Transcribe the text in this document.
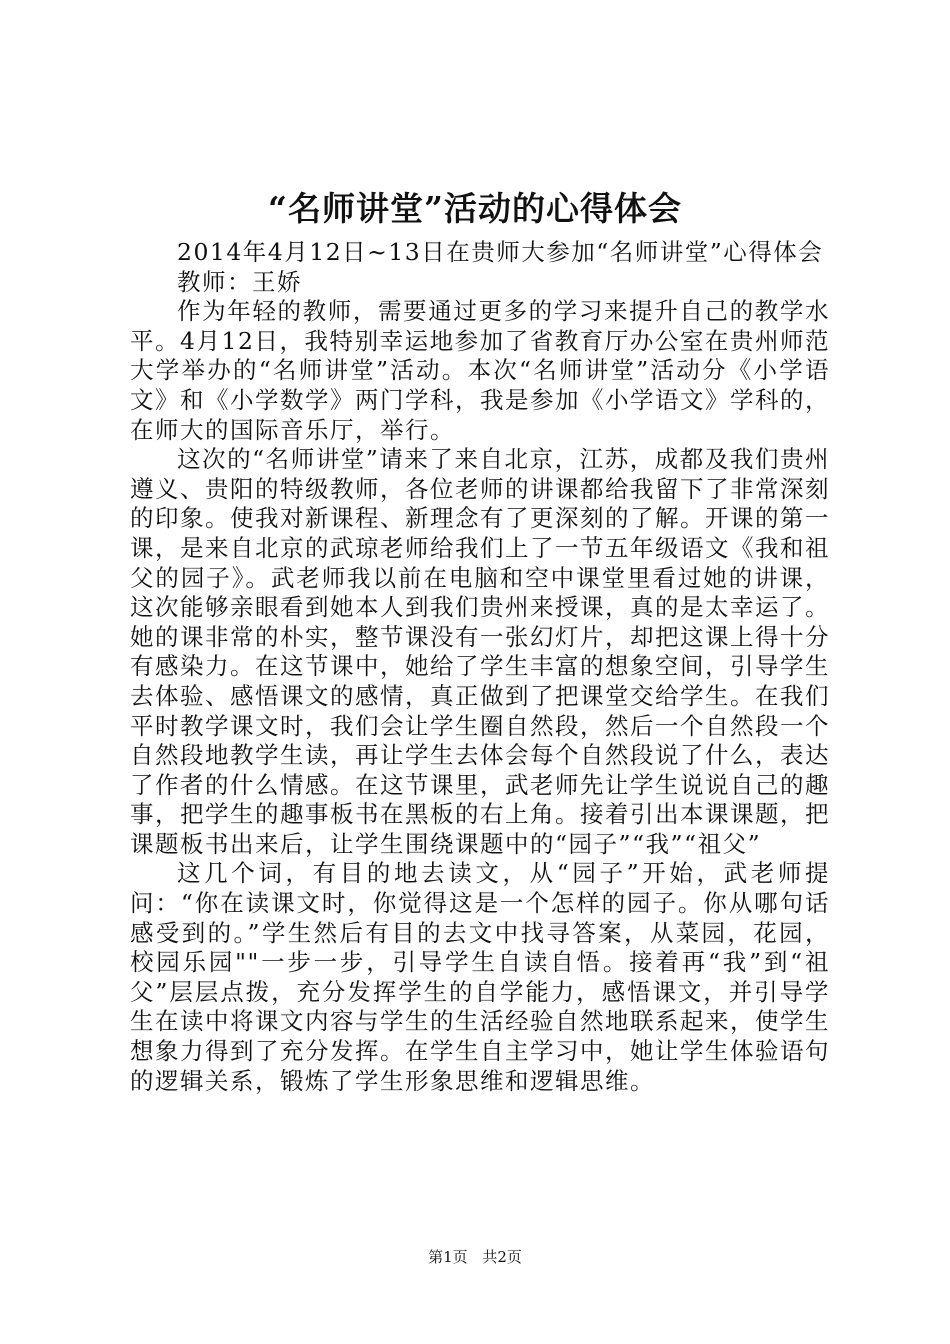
“名师讲堂”活动的心得体会

2014年4月12日~13日在贵师大参加“名师讲堂”心得体会

教师：王娇

作为年轻的教师，需要通过更多的学习来提升自己的教学水平。4月12日，我特别幸运地参加了省教育厅办公室在贵州师范大学举办的“名师讲堂”活动。本次“名师讲堂”活动分《小学语文》和《小学数学》两门学科，我是参加《小学语文》学科的，在师大的国际音乐厅，举行。

这次的“名师讲堂”请来了来自北京，江苏，成都及我们贵州遵义、贵阳的特级教师，各位老师的讲课都给我留下了非常深刻的印象。使我对新课程、新理念有了更深刻的了解。开课的第一课，是来自北京的武琼老师给我们上了一节五年级语文《我和祖父的园子》。武老师我以前在电脑和空中课堂里看过她的讲课，这次能够亲眼看到她本人到我们贵州来授课，真的是太幸运了。她的课非常的朴实，整节课没有一张幻灯片，却把这课上得十分有感染力。在这节课中，她给了学生丰富的想象空间，引导学生去体验、感悟课文的感情，真正做到了把课堂交给学生。在我们平时教学课文时，我们会让学生圈自然段，然后一个自然段一个自然段地教学生读，再让学生去体会每个自然段说了什么，表达了作者的什么情感。在这节课里，武老师先让学生说说自己的趣事，把学生的趣事板书在黑板的右上角。接着引出本课课题，把课题板书出来后，让学生围绕课题中的“园子”“我”“祖父”

这几个词，有目的地去读文，从“园子”开始，武老师提问：“你在读课文时，你觉得这是一个怎样的园子。你从哪句话感受到的。”学生然后有目的去文中找寻答案，从菜园，花园，校园乐园""一步一步，引导学生自读自悟。接着再“我”到“祖父”层层点拨，充分发挥学生的自学能力，感悟课文，并引导学生在读中将课文内容与学生的生活经验自然地联系起来，使学生想象力得到了充分发挥。在学生自主学习中，她让学生体验语句的逻辑关系，锻炼了学生形象思维和逻辑思维。

第1页 共2页
